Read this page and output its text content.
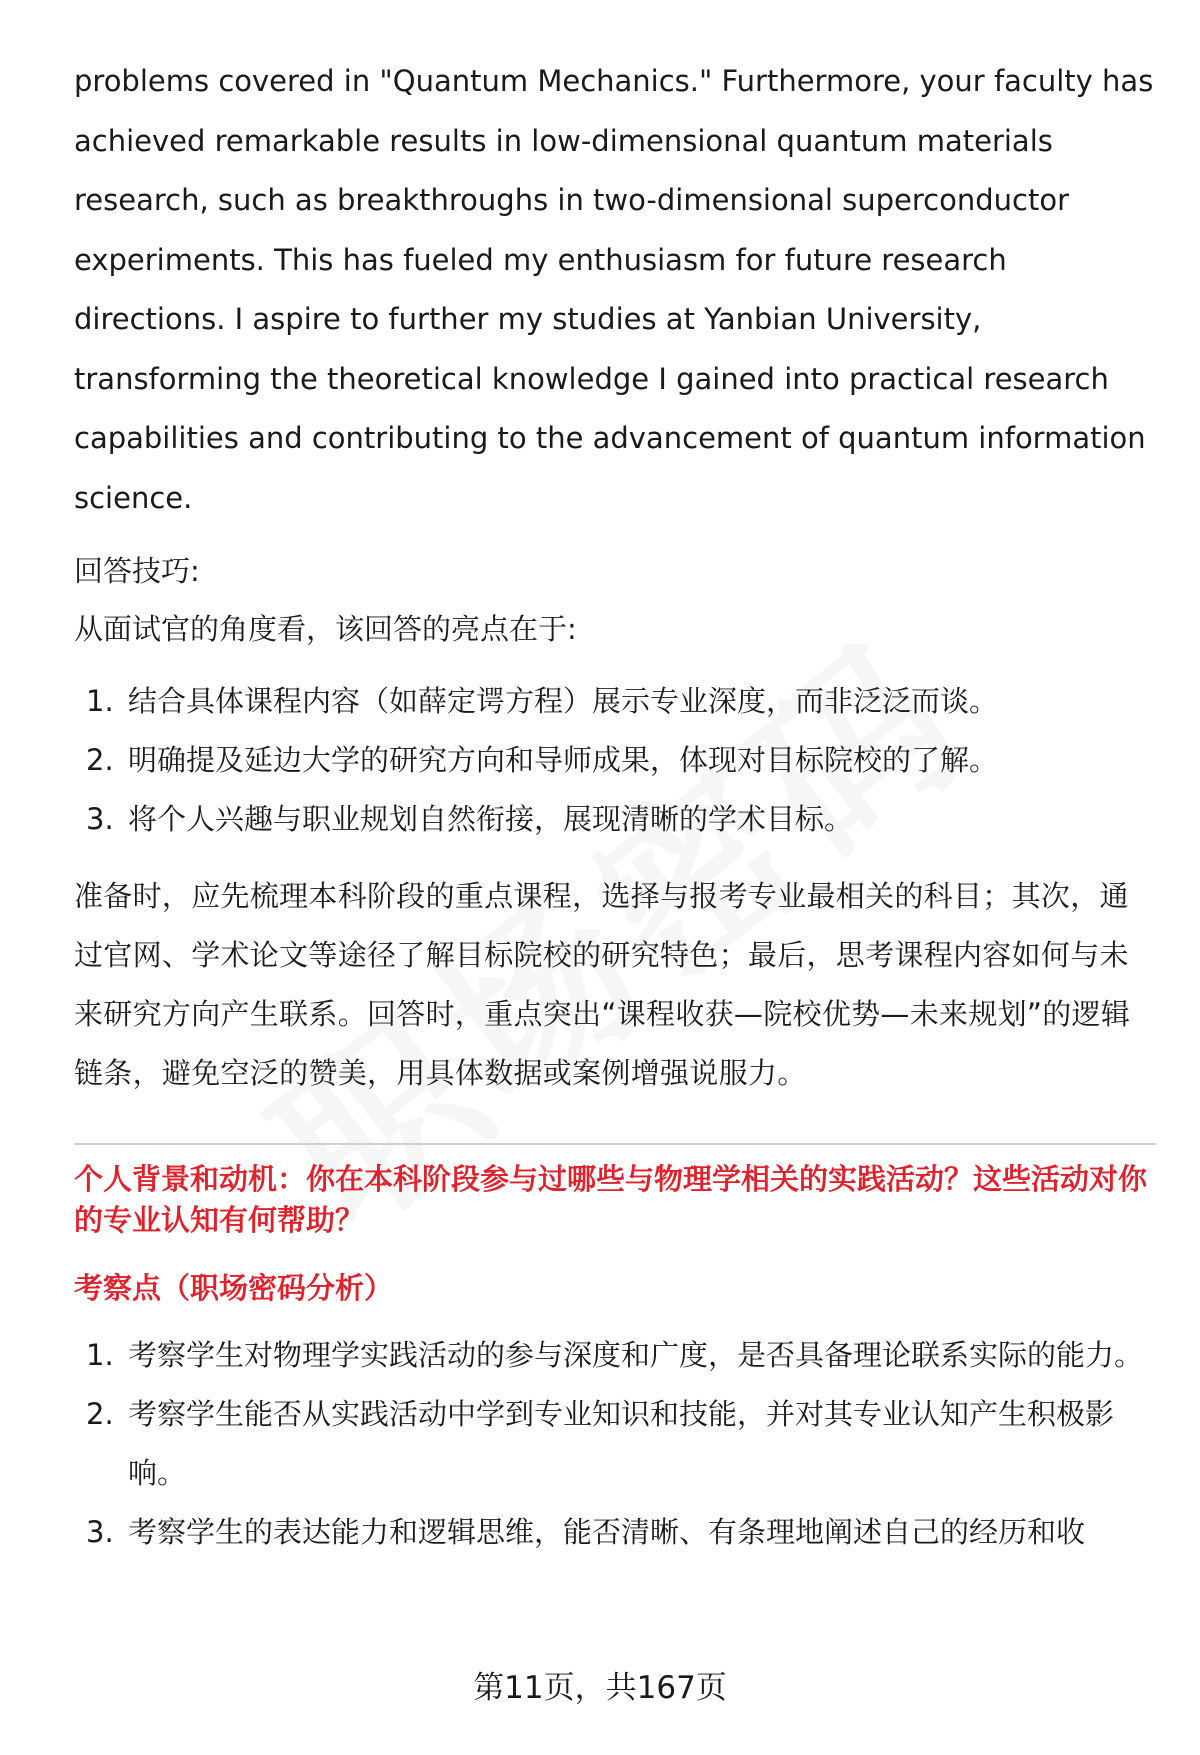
problems covered in "Quantum Mechanics." Furthermore, your faculty has achieved remarkable results in low-dimensional quantum materials research, such as breakthroughs in two-dimensional superconductor experiments. This has fueled my enthusiasm for future research directions. I aspire to further my studies at Yanbian University, transforming the theoretical knowledge I gained into practical research capabilities and contributing to the advancement of quantum information science.

回答技巧:

从面试官的角度看，该回答的亮点在于:

1. 结合具体课程内容（如薛定谔方程）展示专业深度，而非泛泛而谈。
2. 明确提及延边大学的研究方向和导师成果，体现对目标院校的了解。
3. 将个人兴趣与职业规划自然衔接，展现清晰的学术目标。

准备时，应先梳理本科阶段的重点课程，选择与报考专业最相关的科目；其次，通过官网、学术论文等途径了解目标院校的研究特色；最后，思考课程内容如何与未来研究方向产生联系。回答时，重点突出“课程收获—院校优势—未来规划”的逻辑链条，避免空泛的赞美，用具体数据或案例增强说服力。

个人背景和动机：你在本科阶段参与过哪些与物理学相关的实践活动？这些活动对你的专业认知有何帮助？

考察点（职场密码分析）

1. 考察学生对物理学实践活动的参与深度和广度，是否具备理论联系实际的能力。
2. 考察学生能否从实践活动中学到专业知识和技能，并对其专业认知产生积极影响。
3. 考察学生的表达能力和逻辑思维，能否清晰、有条理地阐述自己的经历和收
第11页，共167页
